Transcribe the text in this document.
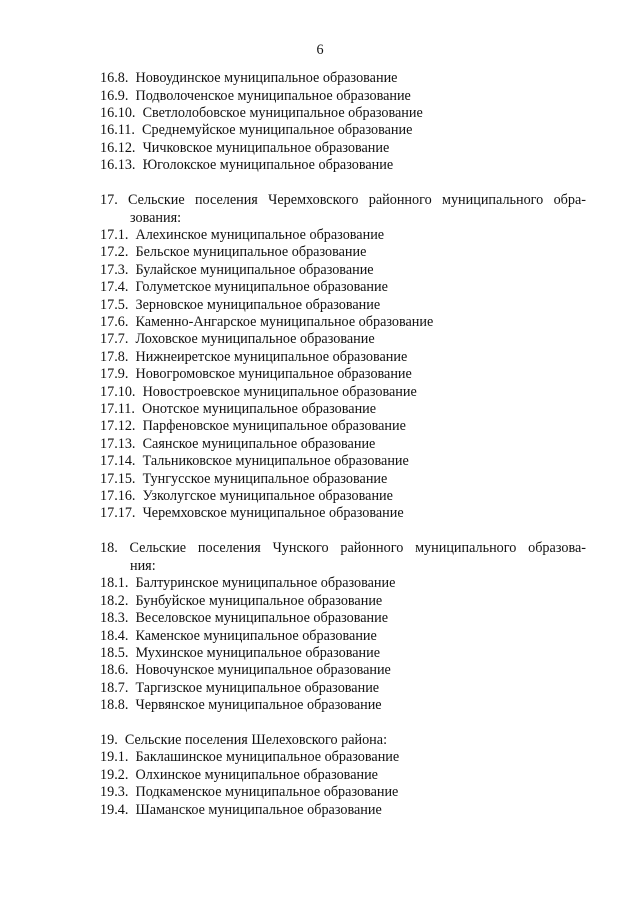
6
16.8. Новоудинское муниципальное образование
16.9. Подволоченское муниципальное образование
16.10. Светлолобовское муниципальное образование
16.11. Среднемуйское муниципальное образование
16.12. Чичковское муниципальное образование
16.13. Юголокское муниципальное образование
17. Сельские поселения Черемховского районного муниципального обра-
зования:
17.1. Алехинское муниципальное образование
17.2. Бельское муниципальное образование
17.3. Булайское муниципальное образование
17.4. Голуметское муниципальное образование
17.5. Зерновское муниципальное образование
17.6. Каменно-Ангарское муниципальное образование
17.7. Лоховское муниципальное образование
17.8. Нижнеиретское муниципальное образование
17.9. Новогромовское муниципальное образование
17.10. Новостроевское муниципальное образование
17.11. Онотское муниципальное образование
17.12. Парфеновское муниципальное образование
17.13. Саянское муниципальное образование
17.14. Тальниковское муниципальное образование
17.15. Тунгусское муниципальное образование
17.16. Узколугское муниципальное образование
17.17. Черемховское муниципальное образование
18. Сельские поселения Чунского районного муниципального образова-
ния:
18.1. Балтуринское муниципальное образование
18.2. Бунбуйское муниципальное образование
18.3. Веселовское муниципальное образование
18.4. Каменское муниципальное образование
18.5. Мухинское муниципальное образование
18.6. Новочунское муниципальное образование
18.7. Таргизское муниципальное образование
18.8. Червянское муниципальное образование
19. Сельские поселения Шелеховского района:
19.1. Баклашинское муниципальное образование
19.2. Олхинское муниципальное образование
19.3. Подкаменское муниципальное образование
19.4. Шаманское муниципальное образование
